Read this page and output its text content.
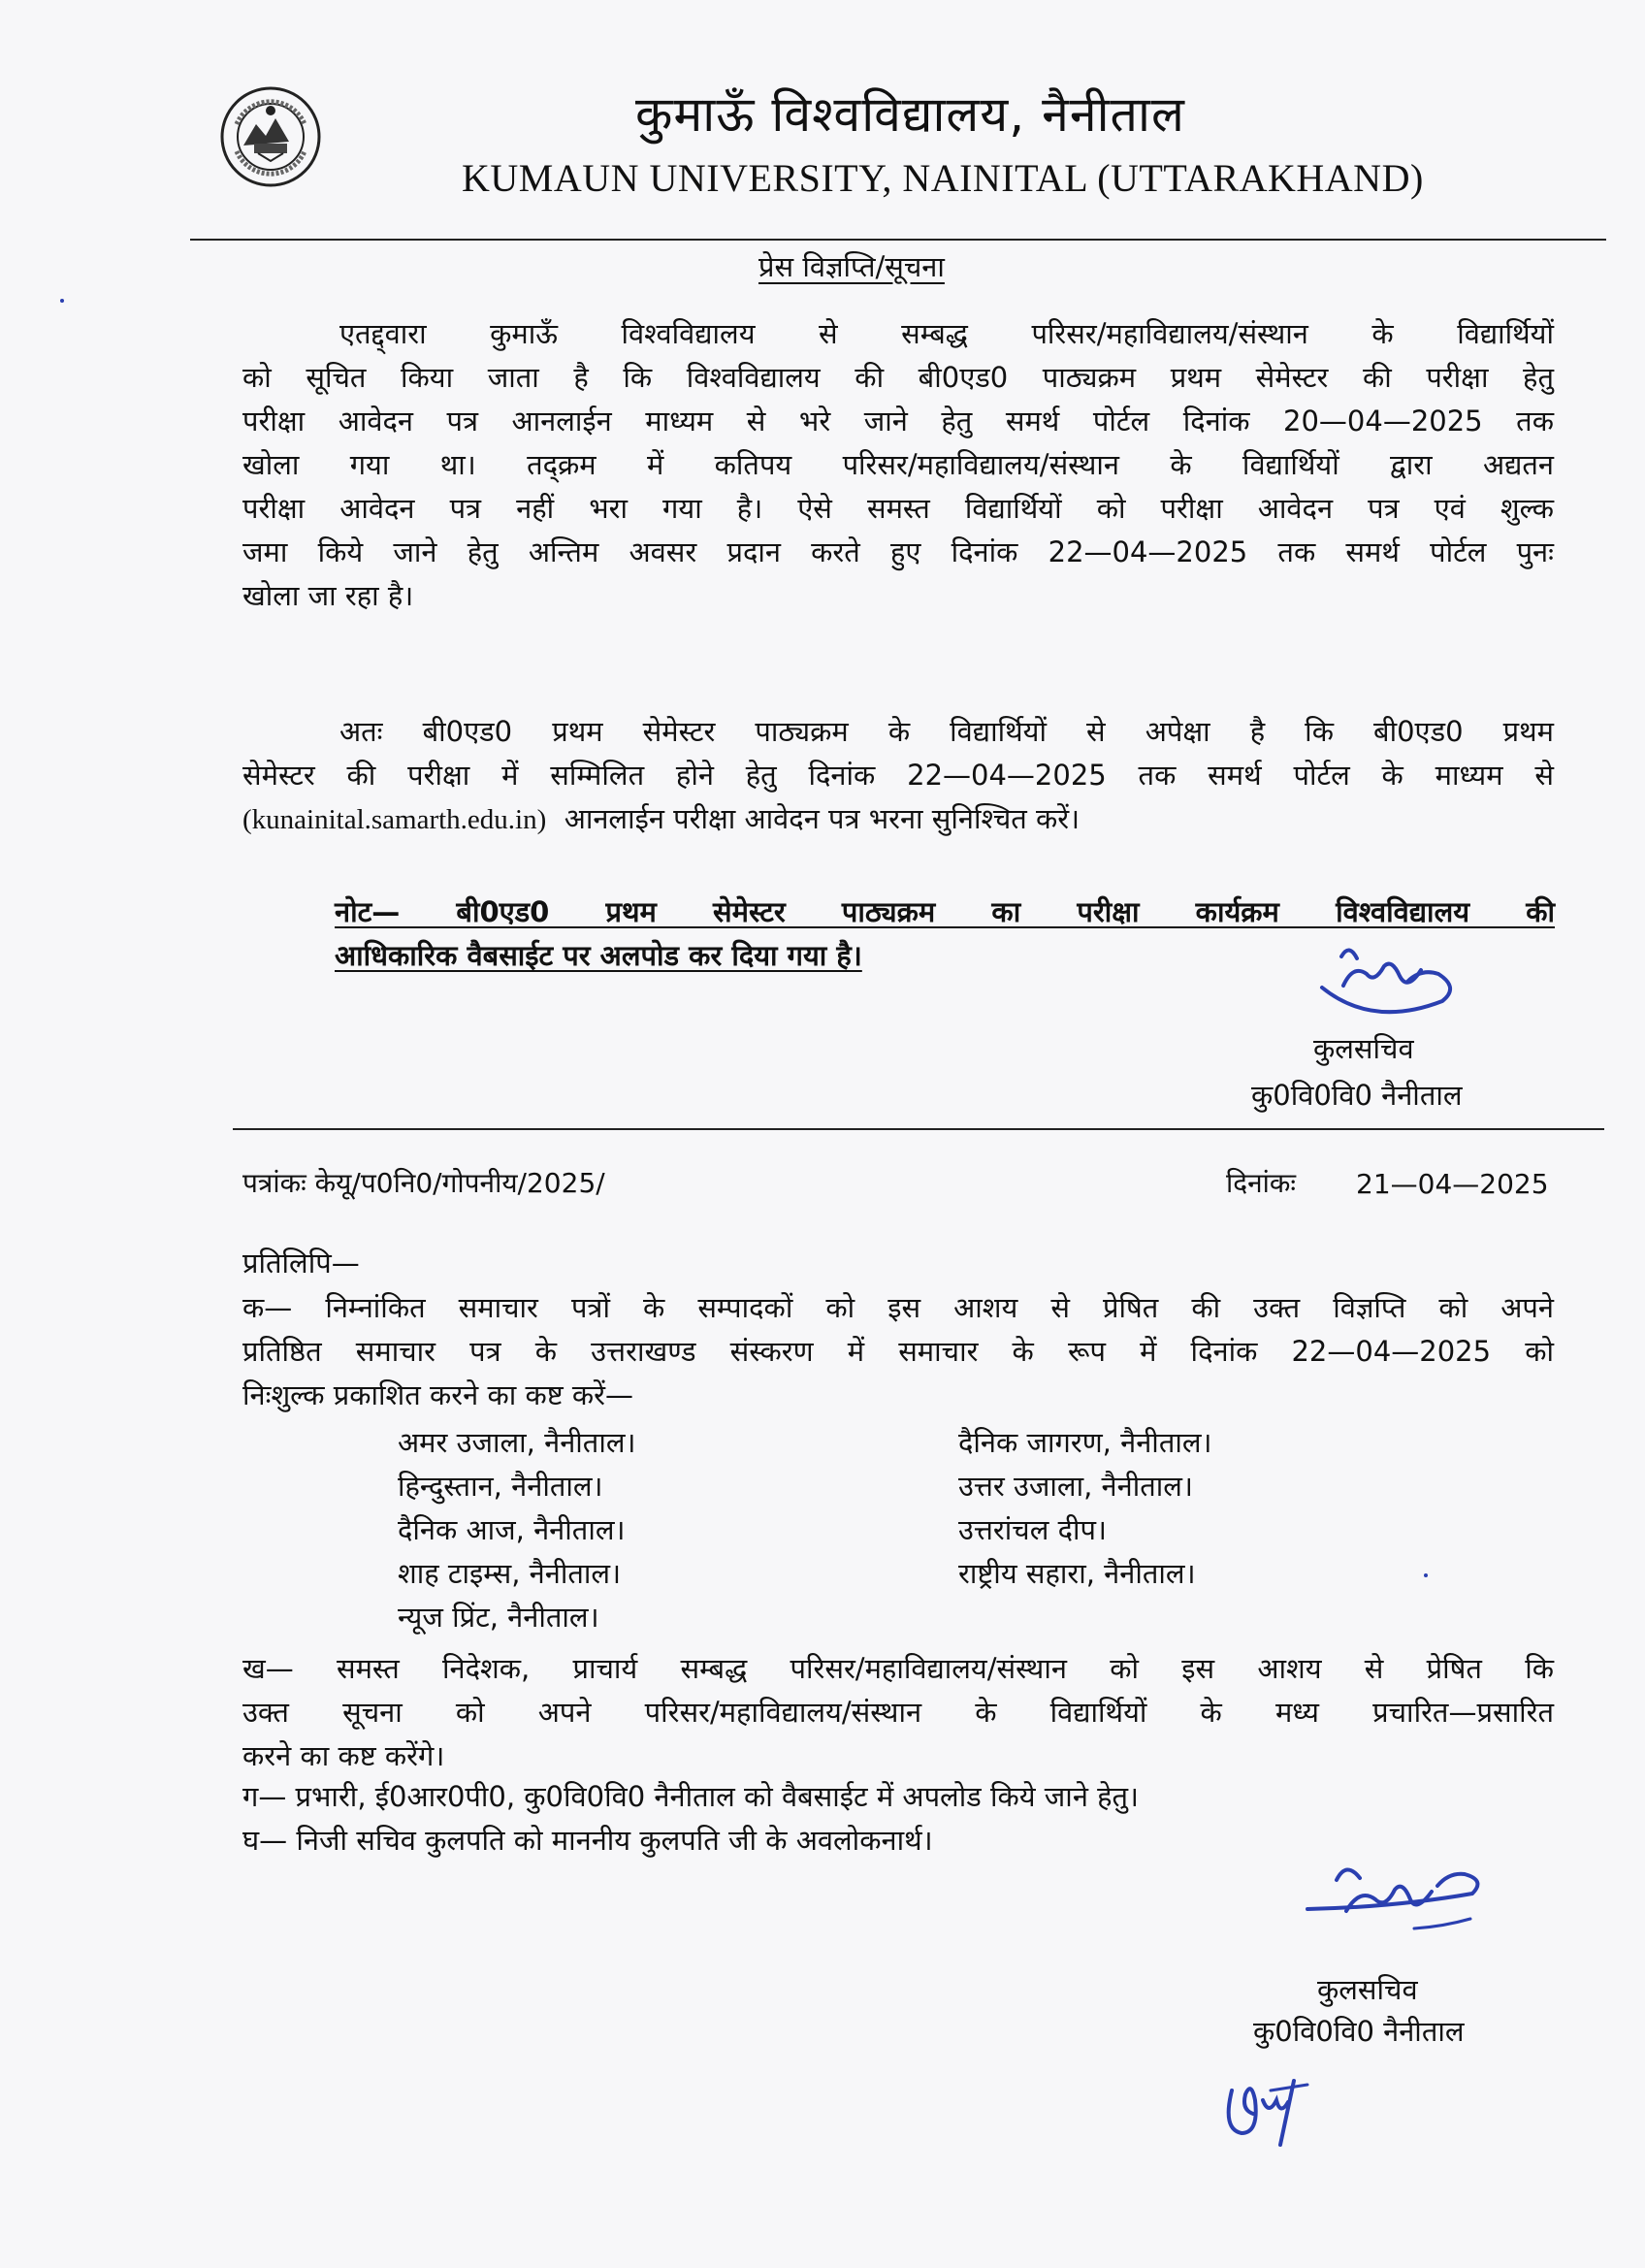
कुमाऊँ विश्वविद्यालय, नैनीताल
KUMAUN UNIVERSITY, NAINITAL (UTTARAKHAND)
प्रेस विज्ञप्ति/सूचना
एतद्द्वारा कुमाऊँ विश्वविद्यालय से सम्बद्ध परिसर/महाविद्यालय/संस्थान के विद्यार्थियों
को सूचित किया जाता है कि विश्वविद्यालय की बी0एड0 पाठ्यक्रम प्रथम सेमेस्टर की परीक्षा हेतु
परीक्षा आवेदन पत्र आनलाईन माध्यम से भरे जाने हेतु समर्थ पोर्टल दिनांक 20—04—2025 तक
खोला गया था। तद्क्रम में कतिपय परिसर/महाविद्यालय/संस्थान के विद्यार्थियों द्वारा अद्यतन
परीक्षा आवेदन पत्र नहीं भरा गया है। ऐसे समस्त विद्यार्थियों को परीक्षा आवेदन पत्र एवं शुल्क
जमा किये जाने हेतु अन्तिम अवसर प्रदान करते हुए दिनांक 22—04—2025 तक समर्थ पोर्टल पुनः
खोला जा रहा है।
अतः बी0एड0 प्रथम सेमेस्टर पाठ्यक्रम के विद्यार्थियों से अपेक्षा है कि बी0एड0 प्रथम
सेमेस्टर की परीक्षा में सम्मिलित होने हेतु दिनांक 22—04—2025 तक समर्थ पोर्टल के माध्यम से
(kunainital.samarth.edu.in) आनलाईन परीक्षा आवेदन पत्र भरना सुनिश्चित करें।
नोट— बी0एड0 प्रथम सेमेस्टर पाठ्यक्रम का परीक्षा कार्यक्रम विश्वविद्यालय की
आधिकारिक वैबसाईट पर अलपोड कर दिया गया है।
कुलसचिव
कु0वि0वि0 नैनीताल
पत्रांकः केयू/प0नि0/गोपनीय/2025/	दिनांकः 21—04—2025
प्रतिलिपि—
क— निम्नांकित समाचार पत्रों के सम्पादकों को इस आशय से प्रेषित की उक्त विज्ञप्ति को अपने
प्रतिष्ठित समाचार पत्र के उत्तराखण्ड संस्करण में समाचार के रूप में दिनांक 22—04—2025 को
निःशुल्क प्रकाशित करने का कष्ट करें—
अमर उजाला, नैनीताल।
हिन्दुस्तान, नैनीताल।
दैनिक आज, नैनीताल।
शाह टाइम्स, नैनीताल।
न्यूज प्रिंट, नैनीताल।
दैनिक जागरण, नैनीताल।
उत्तर उजाला, नैनीताल।
उत्तरांचल दीप।
राष्ट्रीय सहारा, नैनीताल।
ख— समस्त निदेशक, प्राचार्य सम्बद्ध परिसर/महाविद्यालय/संस्थान को इस आशय से प्रेषित कि
उक्त सूचना को अपने परिसर/महाविद्यालय/संस्थान के विद्यार्थियों के मध्य प्रचारित—प्रसारित
करने का कष्ट करेंगे।
ग— प्रभारी, ई0आर0पी0, कु0वि0वि0 नैनीताल को वैबसाईट में अपलोड किये जाने हेतु।
घ— निजी सचिव कुलपति को माननीय कुलपति जी के अवलोकनार्थ।
कुलसचिव
कु0वि0वि0 नैनीताल
